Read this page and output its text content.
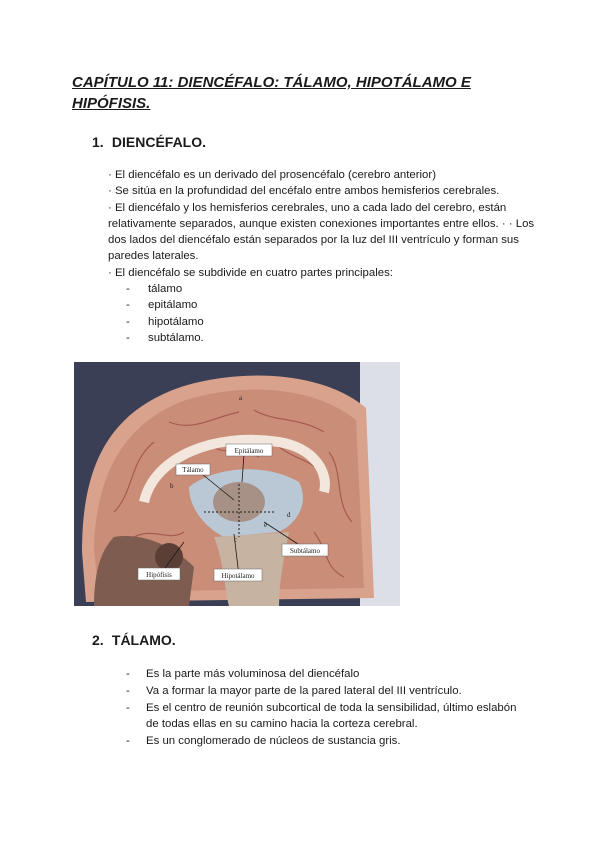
CAPÍTULO 11: DIENCÉFALO: TÁLAMO, HIPOTÁLAMO E HIPÓFISIS.
1. DIENCÉFALO.

· El diencéfalo es un derivado del prosencéfalo (cerebro anterior)

· Se sitúa en la profundidad del encéfalo entre ambos hemisferios cerebrales.

· El diencéfalo y los hemisferios cerebrales, uno a cada lado del cerebro, están relativamente separados, aunque existen conexiones importantes entre ellos. · · Los dos lados del diencéfalo están separados por la luz del III ventrículo y forman sus paredes laterales.

· El diencéfalo se subdivide en cuatro partes principales:

- tálamo
- epitálamo
- hipotálamo
- subtálamo.
Epitálamo
Tálamo
Subtálamo
Hipófisis	Hipotálamo
a
b
c
d
e
2. TÁLAMO.
- Es la parte más voluminosa del diencéfalo
- Va a formar la mayor parte de la pared lateral del III ventrículo.
- Es el centro de reunión subcortical de toda la sensibilidad, último eslabón de todas ellas en su camino hacia la corteza cerebral.
- Es un conglomerado de núcleos de sustancia gris.
